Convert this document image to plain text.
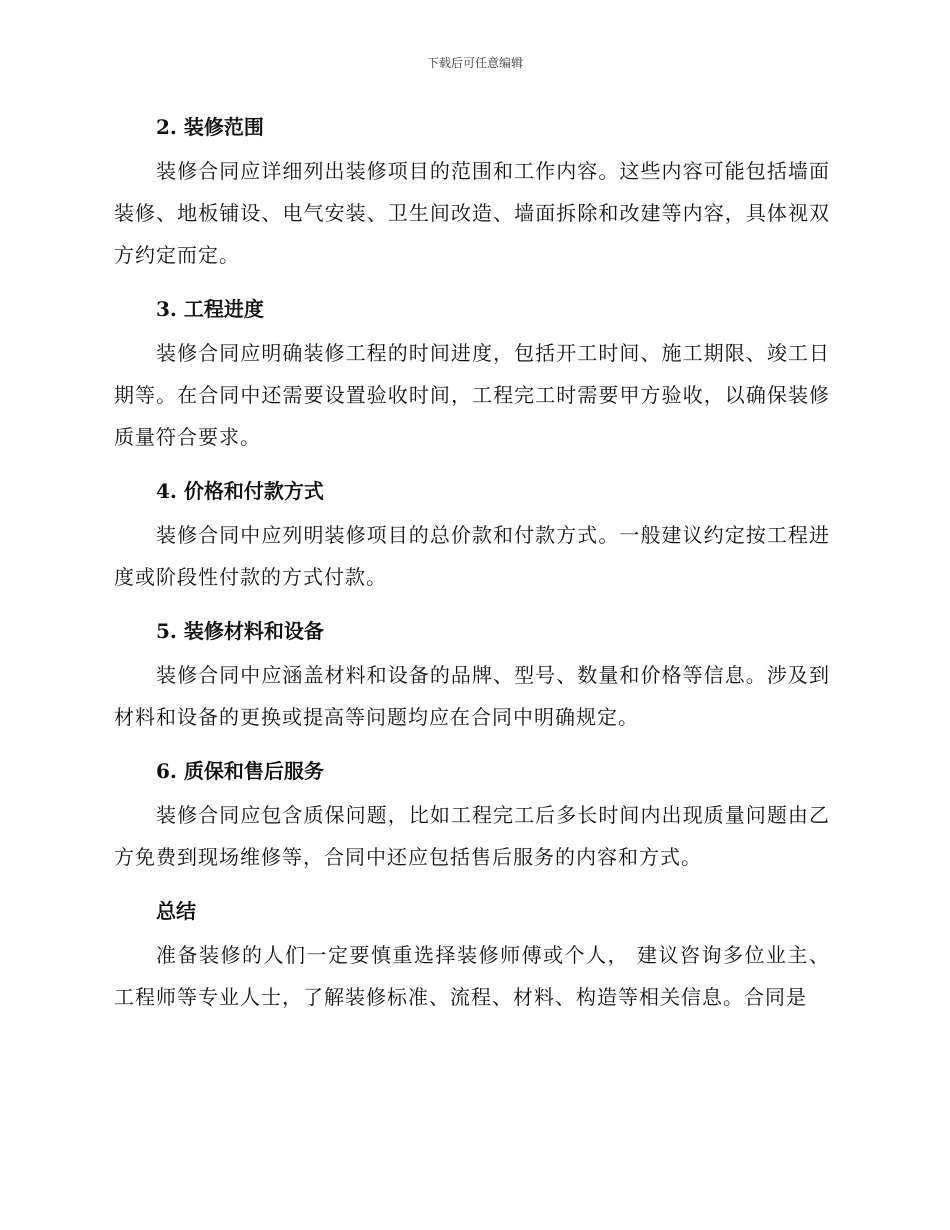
下载后可任意编辑
2. 装修范围

装修合同应详细列出装修项目的范围和工作内容。这些内容可能包括墙面装修、地板铺设、电气安装、卫生间改造、墙面拆除和改建等内容，具体视双方约定而定。

3. 工程进度

装修合同应明确装修工程的时间进度，包括开工时间、施工期限、竣工日期等。在合同中还需要设置验收时间，工程完工时需要甲方验收，以确保装修质量符合要求。

4. 价格和付款方式

装修合同中应列明装修项目的总价款和付款方式。一般建议约定按工程进度或阶段性付款的方式付款。

5. 装修材料和设备

装修合同中应涵盖材料和设备的品牌、型号、数量和价格等信息。涉及到材料和设备的更换或提高等问题均应在合同中明确规定。

6. 质保和售后服务

装修合同应包含质保问题，比如工程完工后多长时间内出现质量问题由乙方免费到现场维修等，合同中还应包括售后服务的内容和方式。

总结

准备装修的人们一定要慎重选择装修师傅或个人， 建议咨询多位业主、工程师等专业人士，了解装修标准、流程、材料、构造等相关信息。合同是
